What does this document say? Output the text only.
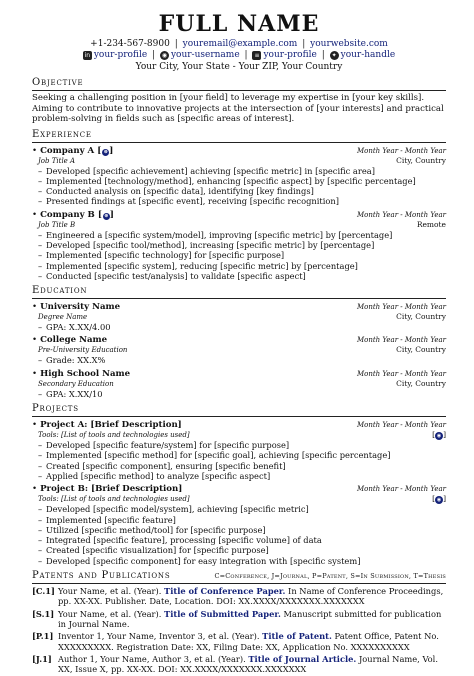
FULL NAME
+1-234-567-8900 | youremail@example.com | yourwebsite.com
in your-profile |	◉ your-username |	≡ your-profile |	✦ your-handle
Your City, Your State - Your ZIP, Your Country
Objective
Seeking a challenging position in [your field] to leverage my expertise in [your key skills]. Aiming to contribute to innovative projects at the intersection of [your interests] and practical problem-solving in fields such as [specific areas of interest].
Experience
• Company A [ ⊕]	Month Year - Month Year
Job Title A	City, Country
– Developed [specific achievement] achieving [specific metric] in [specific area]
– Implemented [technology/method], enhancing [specific aspect] by [specific percentage]
– Conducted analysis on [specific data], identifying [key findings]
– Presented findings at [specific event], receiving [specific recognition]
• Company B [ ⊕]	Month Year - Month Year
Job Title B	Remote
– Engineered a [specific system/model], improving [specific metric] by [percentage]
– Developed [specific tool/method], increasing [specific metric] by [percentage]
– Implemented [specific technology] for [specific purpose]
– Implemented [specific system], reducing [specific metric] by [percentage]
– Conducted [specific test/analysis] to validate [specific aspect]
Education
• University Name	Month Year - Month Year
Degree Name	City, Country
– GPA: X.XX/4.00
• College Name	Month Year - Month Year
Pre-University Education	City, Country
– Grade: XX.X%
• High School Name	Month Year - Month Year
Secondary Education	City, Country
– GPA: X.XX/10
Projects
• Project A: [Brief Description]	Month Year - Month Year
Tools: [List of tools and technologies used]	[ ◉ ]
– Developed [specific feature/system] for [specific purpose]
– Implemented [specific method] for [specific goal], achieving [specific percentage]
– Created [specific component], ensuring [specific benefit]
– Applied [specific method] to analyze [specific aspect]
• Project B: [Brief Description]	Month Year - Month Year
Tools: [List of tools and technologies used]	[ ◉ ]
– Developed [specific model/system], achieving [specific metric]
– Implemented [specific feature]
– Utilized [specific method/tool] for [specific purpose]
– Integrated [specific feature], processing [specific volume] of data
– Created [specific visualization] for [specific purpose]
– Developed [specific component] for easy integration with [specific system]
Patents and Publications	C=Conference, J=Journal, P=Patent, S=In Submission, T=Thesis
[C.1] Your Name, et al. (Year). Title of Conference Paper. In Name of Conference Proceedings, pp. XX-XX. Publisher. Date, Location. DOI: XX.XXXX/XXXXXXX.XXXXXXX
[S.1] Your Name, et al. (Year). Title of Submitted Paper. Manuscript submitted for publication in Journal Name.
[P.1] Inventor 1, Your Name, Inventor 3, et al. (Year). Title of Patent. Patent Office, Patent No. XXXXXXXXX. Registration Date: XX, Filing Date: XX, Application No. XXXXXXXXXX
[J.1] Author 1, Your Name, Author 3, et al. (Year). Title of Journal Article. Journal Name, Vol. XX, Issue X, pp. XX-XX. DOI: XX.XXXX/XXXXXXX.XXXXXXX
